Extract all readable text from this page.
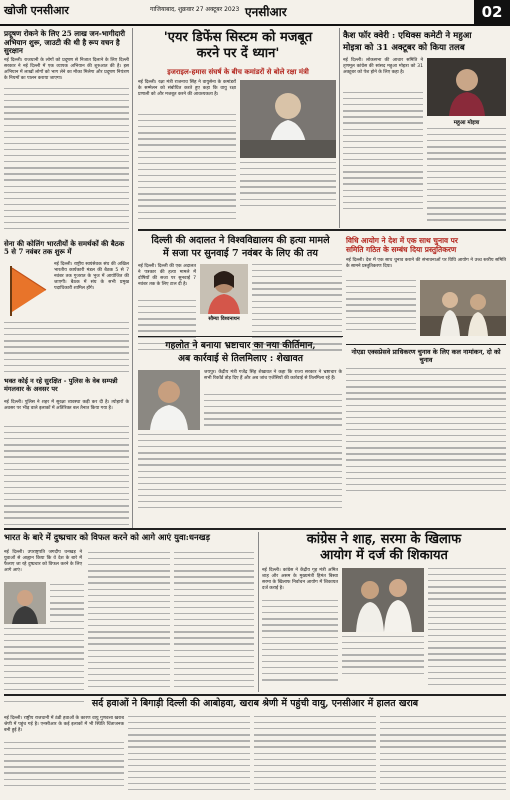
खोजी एनसीआर	गाजियाबाद, शुक्रवार 27 अक्टूबर 2023 एनसीआर	02
प्रदूषण रोकने के लिए 25 लाख जन-भागीदारी अभियान शुरू, जाउटी की थी है रूप वचन है सुरक्षान
नई दिल्ली। राजधानी के लोगों को प्रदूषण से निजात दिलाने के लिए दिल्ली सरकार ने नई दिल्ली में एक व्यापक अभियान की शुरुआत की है। इस अभियान में लाखों लोगों को भाग लेने का मौका मिलेगा और प्रदूषण नियंत्रण के नियमों का पालन कराया जाएगा।
सेना की कोलिंग भारतीयों के समर्थकों की बैठक 5 से 7 नवंबर तक शुरू में
नई दिल्ली। राष्ट्रीय स्वयंसेवक संघ की अखिल भारतीय कार्यकारी मंडल की बैठक 5 से 7 नवंबर तक गुजरात के भुज में आयोजित की जाएगी। बैठक में संघ के सभी प्रमुख पदाधिकारी शामिल होंगे।
भक्त कोई न रहे सुरक्षित - पुलिस के वेब सम्पन्नी मंगलवार के अवसर पर
नई दिल्ली। पुलिस ने शहर में सुरक्षा व्यवस्था कड़ी कर दी है। त्योहारों के अवसर पर भीड़ वाले इलाकों में अतिरिक्त बल तैनात किया गया है।
'एयर डिफेंस सिस्टम को मजबूत
करने पर दें ध्यान'
इजराइल-हमास संघर्ष के बीच कमांडरों से बोले रक्षा मंत्री
नई दिल्ली। रक्षा मंत्री राजनाथ सिंह ने वायुसेना के कमांडरों के सम्मेलन को संबोधित करते हुए कहा कि वायु रक्षा प्रणाली को और मजबूत करने की आवश्यकता है।
कैश फॉर क्वेरी : एथिक्स कमेटी ने महुआ
मोइत्रा को 31 अक्टूबर को किया तलब
नई दिल्ली। लोकसभा की आचार समिति ने तृणमूल कांग्रेस की सांसद महुआ मोइत्रा को 31 अक्टूबर को पेश होने के लिए कहा है।
महुआ मोइत्रा
दिल्ली की अदालत ने विश्वविद्यालय की हत्या मामले
में सजा पर सुनवाई 7 नवंबर के लिए की तय
नई दिल्ली। दिल्ली की एक अदालत ने पत्रकार की हत्या मामले में दोषियों की सजा पर सुनवाई 7 नवंबर तक के लिए टाल दी है।
सौम्या विश्वनाथन
विधि आयोग ने देश में एक साथ चुनाव पर
समिति गठित के सम्बंध दिया प्रस्तुतिकरण
नई दिल्ली। देश में एक साथ चुनाव कराने की संभावनाओं पर विधि आयोग ने उच्च स्तरीय समिति के सामने प्रस्तुतिकरण दिया।
नोएडा एक्सप्रेसवे प्राधिकरण चुनाव के लिए कल नामांकन, दो को चुनाव
गहलोत ने बनाया भ्रष्टाचार का नया कीर्तिमान,
अब कार्रवाई से तिलमिलाए : शेखावत
जयपुर। केंद्रीय मंत्री गजेंद्र सिंह शेखावत ने कहा कि राज्य सरकार ने भ्रष्टाचार के सभी रिकॉर्ड तोड़ दिए हैं और अब जांच एजेंसियों की कार्रवाई से तिलमिला रहे हैं।
भारत के बारे में दुष्प्रचार को विफल करने को आगे आएं युवा:धनखड़
नई दिल्ली। उपराष्ट्रपति जगदीप धनखड़ ने युवाओं से आह्वान किया कि वे देश के बारे में फैलाए जा रहे दुष्प्रचार को विफल करने के लिए आगे आएं।
कांग्रेस ने शाह, सरमा के खिलाफ
आयोग में दर्ज की शिकायत
नई दिल्ली। कांग्रेस ने केंद्रीय गृह मंत्री अमित शाह और असम के मुख्यमंत्री हिमंत बिस्वा सरमा के खिलाफ निर्वाचन आयोग में शिकायत दर्ज कराई है।
सर्द हवाओं ने बिगाड़ी दिल्ली की आबोहवा, खराब श्रेणी में पहुंची वायु, एनसीआर में हालत खराब
नई दिल्ली। राष्ट्रीय राजधानी में ठंडी हवाओं के कारण वायु गुणवत्ता खराब श्रेणी में पहुंच गई है। एनसीआर के कई इलाकों में भी स्थिति चिंताजनक बनी हुई है।
